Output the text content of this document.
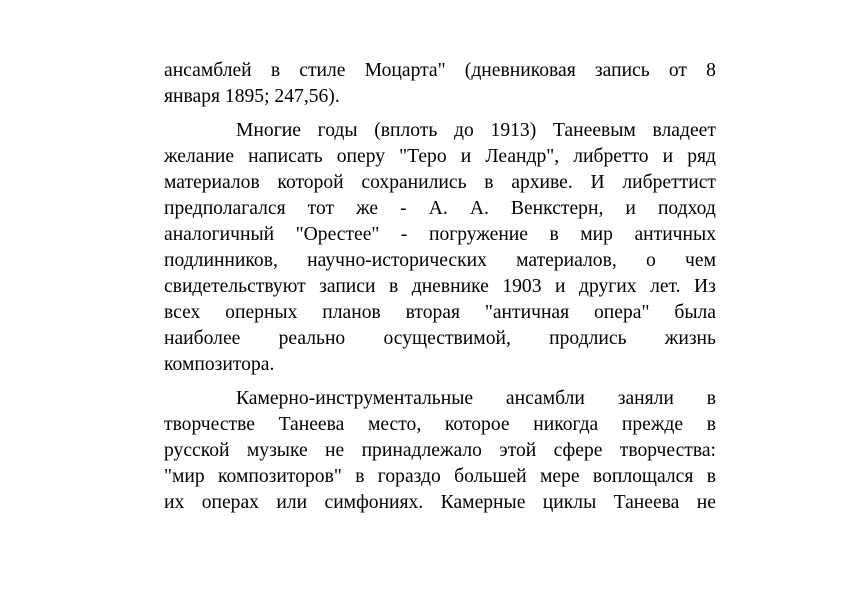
ансамблей в стиле Моцарта" (дневниковая запись от 8
января 1895; 247,56).
Многие годы (вплоть до 1913) Танеевым владеет
желание написать оперу "Теро и Леандр", либретто и ряд
материалов которой сохранились в архиве. И либреттист
предполагался тот же - А. А. Венкстерн, и подход
аналогичный "Орестее" - погружение в мир античных
подлинников, научно-исторических материалов, о чем
свидетельствуют записи в дневнике 1903 и других лет. Из
всех оперных планов вторая "античная опера" была
наиболее реально осуществимой, продлись жизнь
композитора.
Камерно-инструментальные ансамбли заняли в
творчестве Танеева место, которое никогда прежде в
русской музыке не принадлежало этой сфере творчества:
"мир композиторов" в гораздо большей мере воплощался в
их операх или симфониях. Камерные циклы Танеева не
